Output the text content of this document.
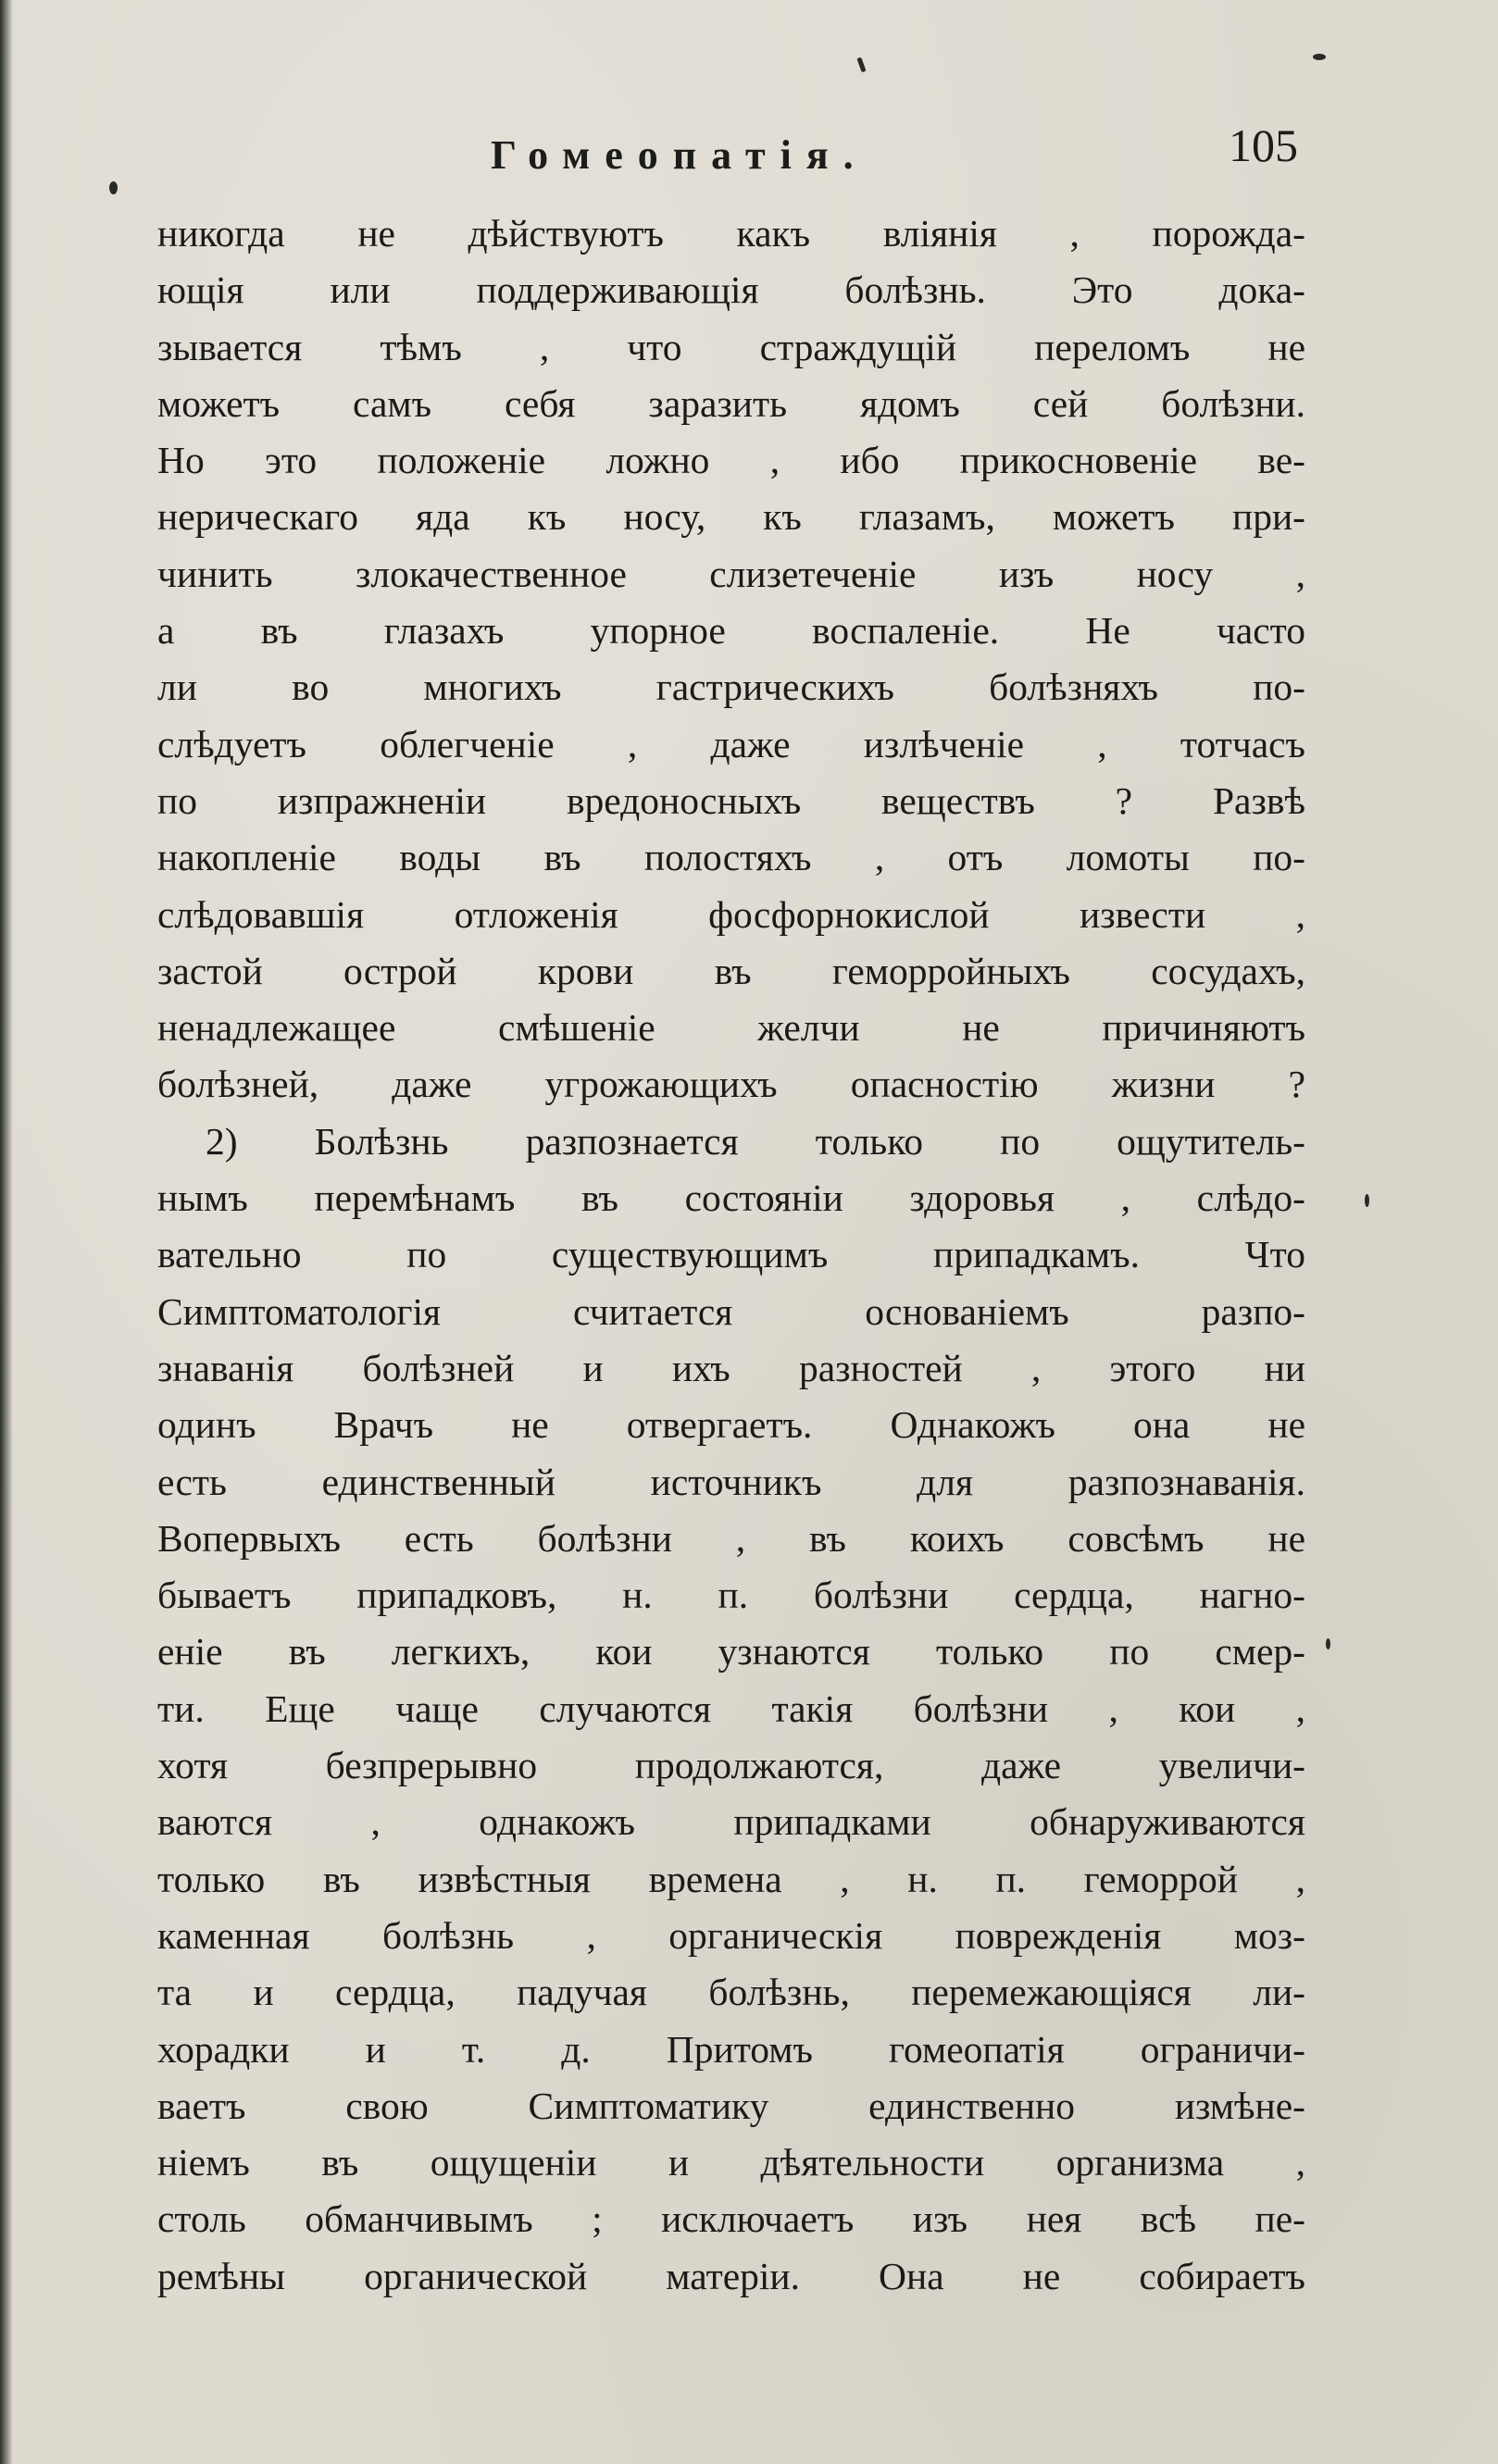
Гомеопатія.	105
никогда не дѣйствуютъ какъ вліянія , порожда-
ющія или поддерживающія болѣзнь. Это дока-
зывается тѣмъ , что страждущій переломъ не
можетъ самъ себя заразить ядомъ сей болѣзни.
Но это положеніе ложно , ибо прикосновеніе ве-
нерическаго яда къ носу, къ глазамъ, можетъ при-
чинить злокачественное слизетеченіе изъ носу ,
а въ глазахъ упорное воспаленіе. Не часто
ли во многихъ гастрическихъ болѣзняхъ по-
слѣдуетъ облегченіе , даже излѣченіе , тотчасъ
по изпражненіи вредоносныхъ веществъ ? Развѣ
накопленіе воды въ полостяхъ , отъ ломоты по-
слѣдовавшія отложенія фосфорнокислой извести ,
застой острой крови въ геморройныхъ сосудахъ,
ненадлежащее смѣшеніе желчи не причиняютъ
болѣзней, даже угрожающихъ опасностію жизни ?
2) Болѣзнь разпознается только по ощутитель-
нымъ перемѣнамъ въ состояніи здоровья , слѣдо-
вательно по существующимъ припадкамъ. Что
Симптоматологія считается основаніемъ разпо-
знаванія болѣзней и ихъ разностей , этого ни
одинъ Врачъ не отвергаетъ. Однакожъ она не
есть единственный источникъ для разпознаванія.
Вопервыхъ есть болѣзни , въ коихъ совсѣмъ не
бываетъ припадковъ, н. п. болѣзни сердца, нагно-
еніе въ легкихъ, кои узнаются только по смер-
ти. Еще чаще случаются такія болѣзни , кои ,
хотя безпрерывно продолжаются, даже увеличи-
ваются , однакожъ припадками обнаруживаются
только въ извѣстныя времена , н. п. геморрой ,
каменная болѣзнь , органическія поврежденія моз-
та и сердца, падучая болѣзнь, перемежающіяся ли-
хорадки и т. д. Притомъ гомеопатія ограничи-
ваетъ свою Симптоматику единственно измѣне-
ніемъ въ ощущеніи и дѣятельности организма ,
столь обманчивымъ ; исключаетъ изъ нея всѣ пе-
ремѣны органической матеріи. Она не собираетъ
